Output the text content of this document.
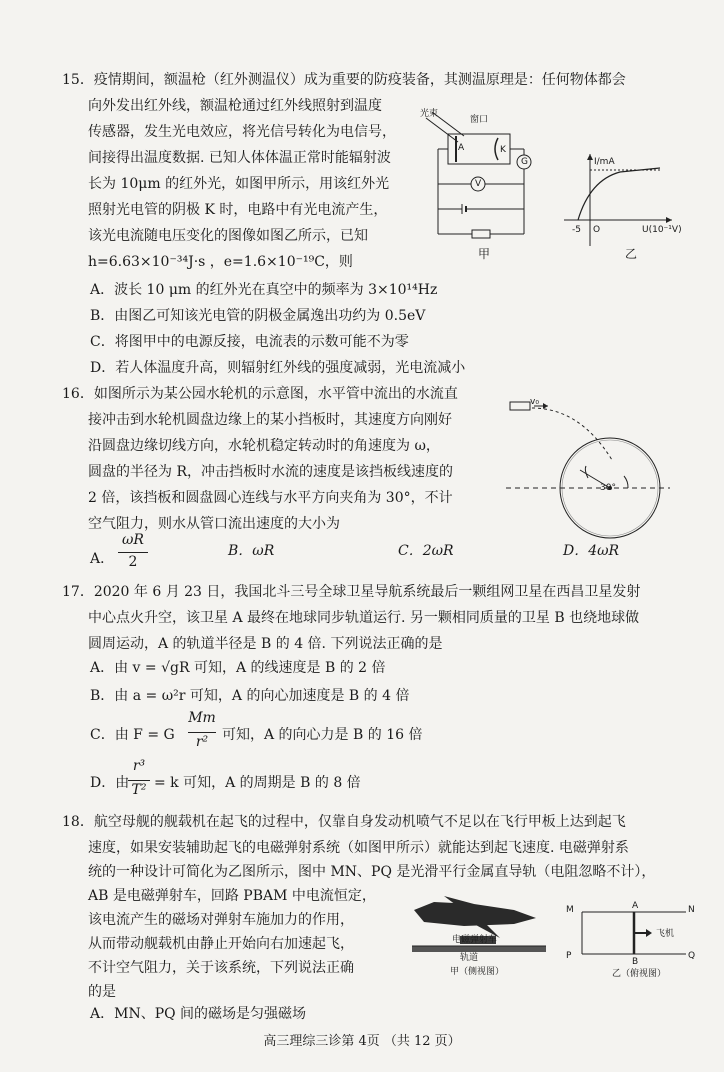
15．疫情期间，额温枪（红外测温仪）成为重要的防疫装备，其测温原理是：任何物体都会
向外发出红外线，额温枪通过红外线照射到温度
传感器，发生光电效应，将光信号转化为电信号，
间接得出温度数据. 已知人体体温正常时能辐射波
长为 10μm 的红外光，如图甲所示，用该红外光
照射光电管的阴极 K 时，电路中有光电流产生，
该光电流随电压变化的图像如图乙所示，已知
h=6.63×10⁻³⁴J·s ，e=1.6×10⁻¹⁹C，则
A．波长 10 μm 的红外光在真空中的频率为 3×10¹⁴Hz
B．由图乙可知该光电管的阴极金属逸出功约为 0.5eV
C．将图甲中的电源反接，电流表的示数可能不为零
D．若人体温度升高，则辐射红外线的强度减弱，光电流减小
光束
窗口
A	K
G
V
甲
I/mA
U(10⁻¹V)
O
-5
乙
16．如图所示为某公园水轮机的示意图，水平管中流出的水流直
接冲击到水轮机圆盘边缘上的某小挡板时，其速度方向刚好
沿圆盘边缘切线方向，水轮机稳定转动时的角速度为 ω，
圆盘的半径为 R，冲击挡板时水流的速度是该挡板线速度的
2 倍，该挡板和圆盘圆心连线与水平方向夹角为 30°，不计
空气阻力，则水从管口流出速度的大小为
A．
ωR
2
B．ωR	C．2ωR	D．4ωR
v₀
30°
17．2020 年 6 月 23 日，我国北斗三号全球卫星导航系统最后一颗组网卫星在西昌卫星发射
中心点火升空，该卫星 A 最终在地球同步轨道运行. 另一颗相同质量的卫星 B 也绕地球做
圆周运动，A 的轨道半径是 B 的 4 倍. 下列说法正确的是
A．由 v = √gR 可知，A 的线速度是 B 的 2 倍
B．由 a = ω²r 可知，A 的向心加速度是 B 的 4 倍
C．由 F = G
Mm
r² 可知，A 的向心力是 B 的 16 倍
D．由
r³
T² = k 可知，A 的周期是 B 的 8 倍
18．航空母舰的舰载机在起飞的过程中，仅靠自身发动机喷气不足以在飞行甲板上达到起飞
速度，如果安装辅助起飞的电磁弹射系统（如图甲所示）就能达到起飞速度. 电磁弹射系
统的一种设计可简化为乙图所示，图中 MN、PQ 是光滑平行金属直导轨（电阻忽略不计），
AB 是电磁弹射车，回路 PBAM 中电流恒定，
该电流产生的磁场对弹射车施加力的作用，
从而带动舰载机由静止开始向右加速起飞，
不计空气阻力，关于该系统，下列说法正确
的是
A．MN、PQ 间的磁场是匀强磁场
电磁弹射车
轨道
甲（侧视图）
M	N
P	Q
A
B
飞机
乙（俯视图）
高三理综三诊第 4页 （共 12 页）
